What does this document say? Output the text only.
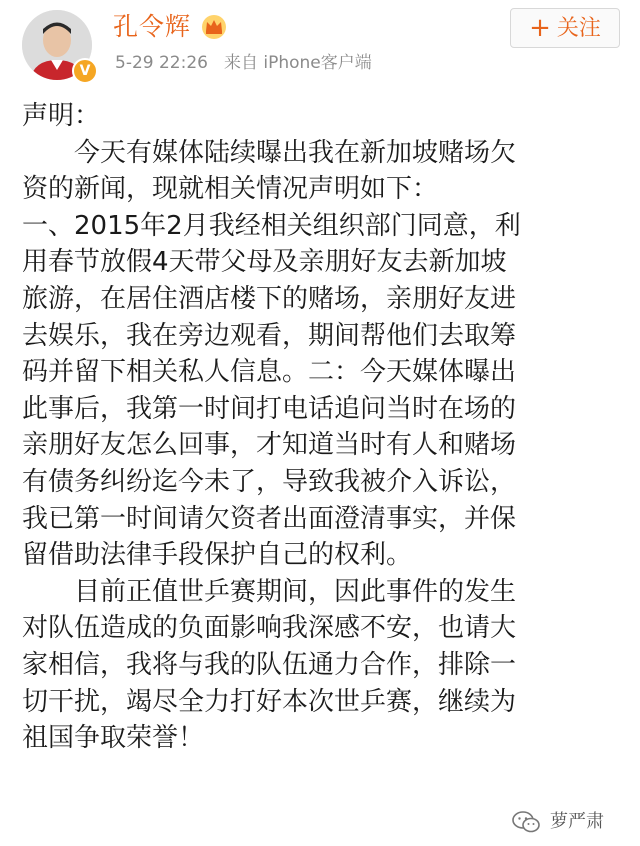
V
孔令辉
5-29 22:26 来自 iPhone客户端
+ 关注
声明：
　　今天有媒体陆续曝出我在新加坡赌场欠
资的新闻，现就相关情况声明如下：
一、2015年2月我经相关组织部门同意，利
用春节放假4天带父母及亲朋好友去新加坡
旅游，在居住酒店楼下的赌场，亲朋好友进
去娱乐，我在旁边观看，期间帮他们去取筹
码并留下相关私人信息。二：今天媒体曝出
此事后，我第一时间打电话追问当时在场的
亲朋好友怎么回事，才知道当时有人和赌场
有债务纠纷迄今未了，导致我被介入诉讼，
我已第一时间请欠资者出面澄清事实，并保
留借助法律手段保护自己的权利。
　　目前正值世乒赛期间，因此事件的发生
对队伍造成的负面影响我深感不安，也请大
家相信，我将与我的队伍通力合作，排除一
切干扰，竭尽全力打好本次世乒赛，继续为
祖国争取荣誉！
萝严肃
